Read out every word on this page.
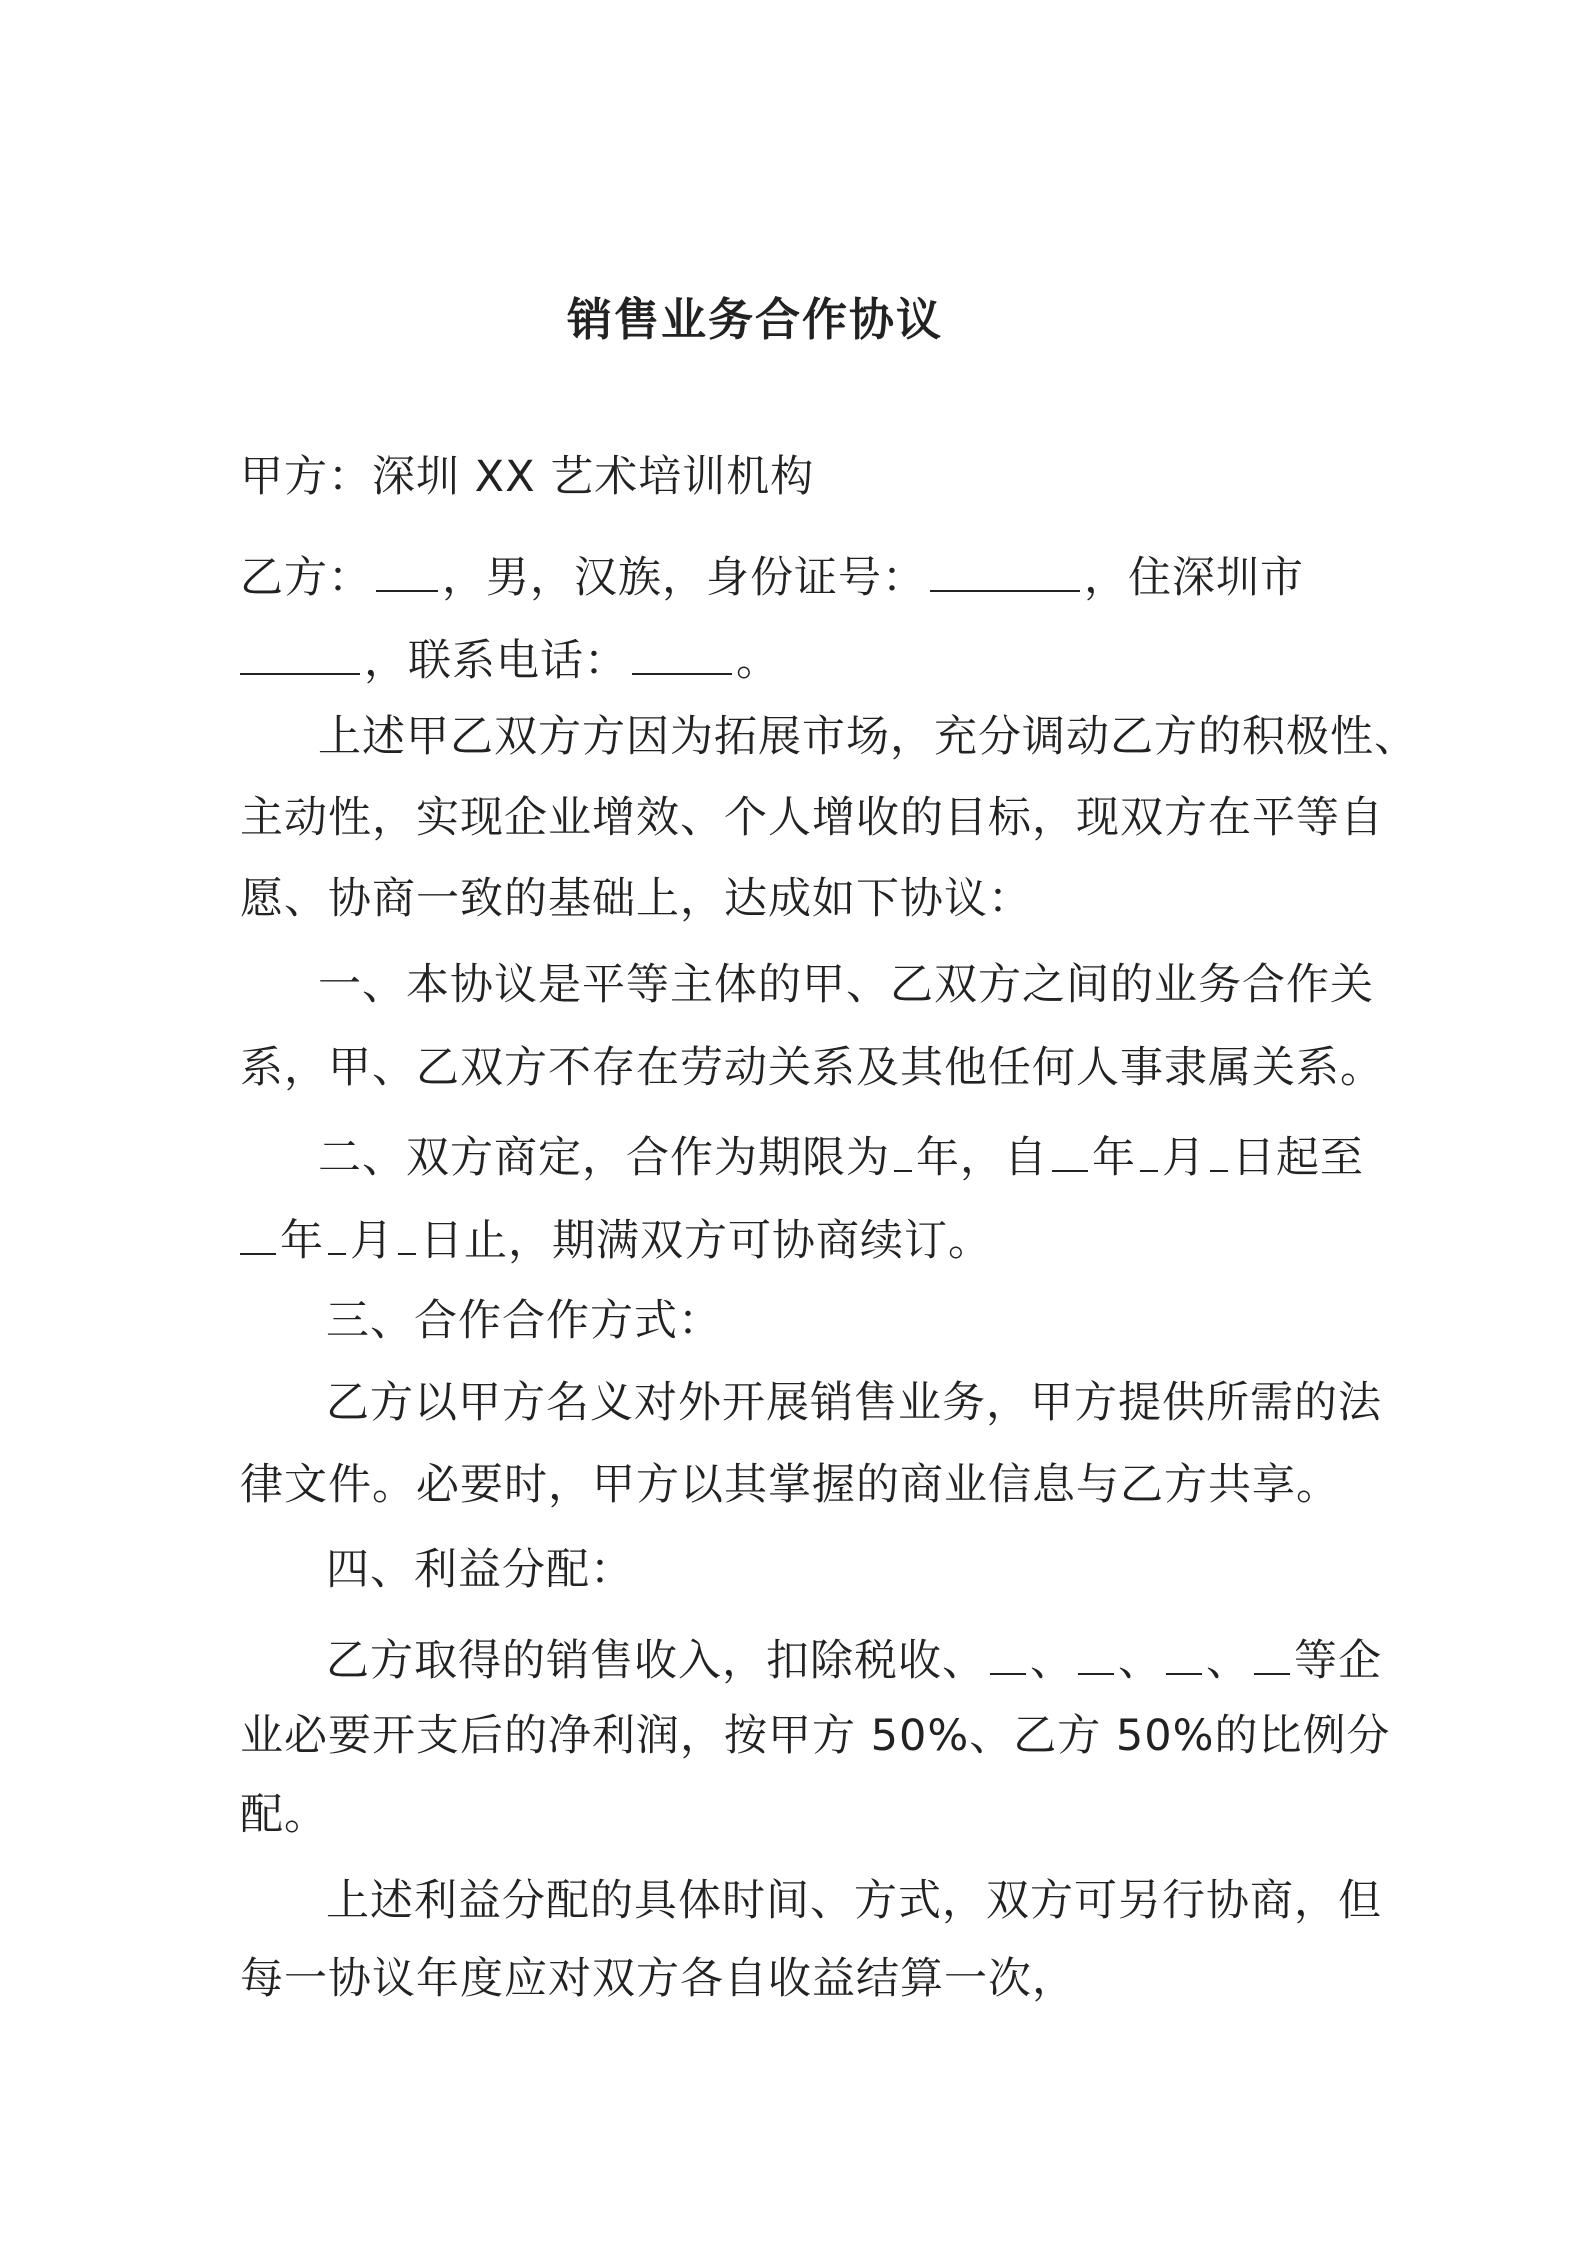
销售业务合作协议
甲方：深圳 XX 艺术培训机构
乙方： ，男，汉族，身份证号：	，住深圳市
，联系电话：	。
上述甲乙双方方因为拓展市场，充分调动乙方的积极性、
主动性，实现企业增效、个人增收的目标，现双方在平等自
愿、协商一致的基础上，达成如下协议：
一、本协议是平等主体的甲、乙双方之间的业务合作关
系，甲、乙双方不存在劳动关系及其他任何人事隶属关系。
二、双方商定，合作为期限为 年，自 年 月 日起至
年 月 日止，期满双方可协商续订。
三、合作合作方式：
乙方以甲方名义对外开展销售业务，甲方提供所需的法
律文件。必要时，甲方以其掌握的商业信息与乙方共享。
四、利益分配：
乙方取得的销售收入，扣除税收、 、 、 、 等企
业必要开支后的净利润，按甲方 50%、乙方 50%的比例分
配。
上述利益分配的具体时间、方式，双方可另行协商，但
每一协议年度应对双方各自收益结算一次，
